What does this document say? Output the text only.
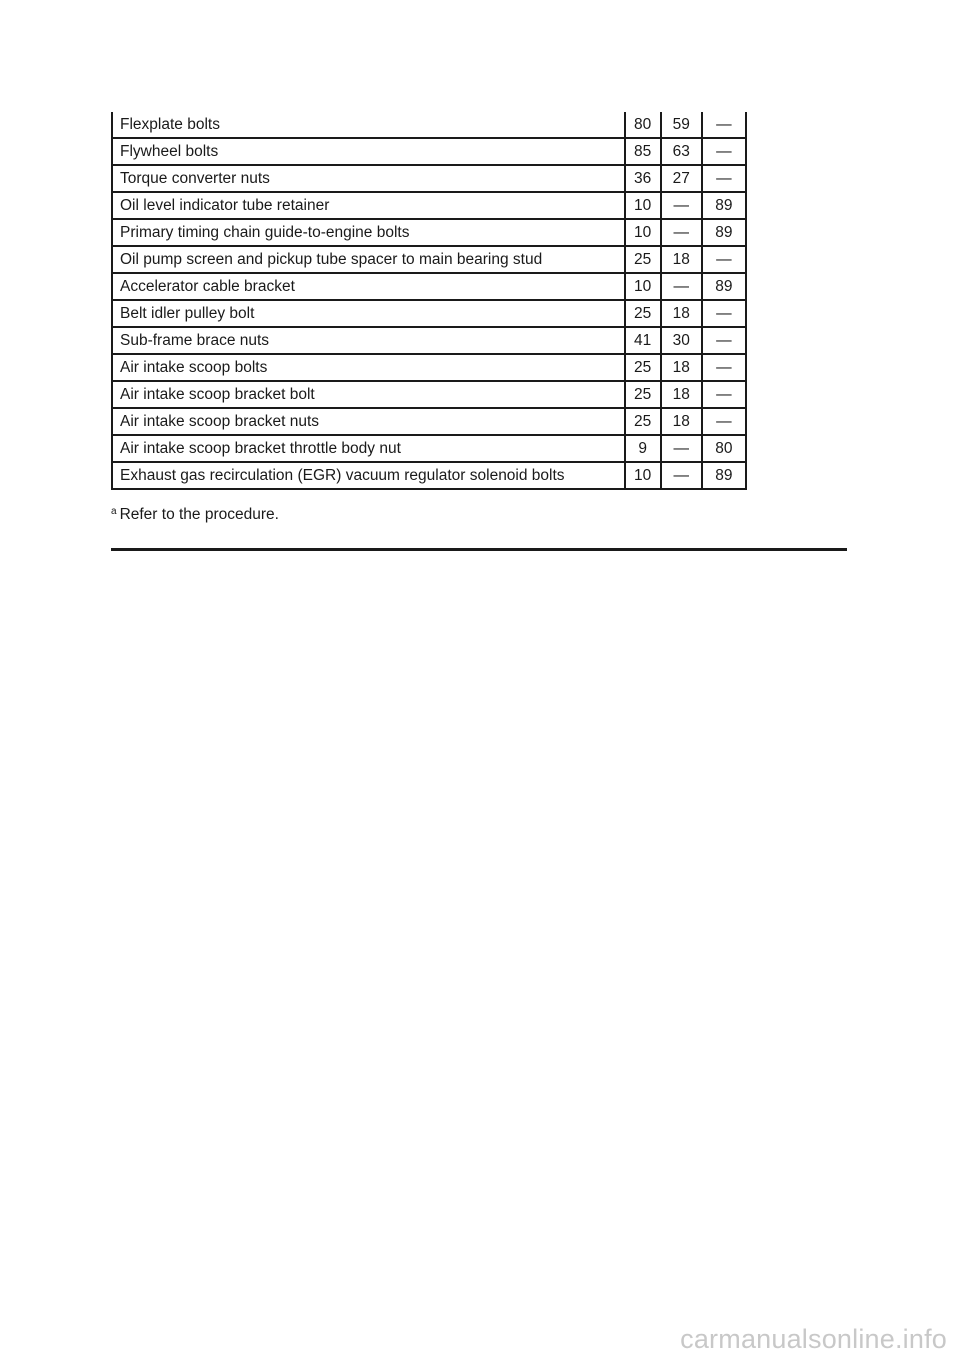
Flexplate bolts	80	59	—
Flywheel bolts	85	63	—
Torque converter nuts	36	27	—
Oil level indicator tube retainer	10	—	89
Primary timing chain guide-to-engine bolts	10	—	89
Oil pump screen and pickup tube spacer to main bearing stud	25	18	—
Accelerator cable bracket	10	—	89
Belt idler pulley bolt	25	18	—
Sub-frame brace nuts	41	30	—
Air intake scoop bolts	25	18	—
Air intake scoop bracket bolt	25	18	—
Air intake scoop bracket nuts	25	18	—
Air intake scoop bracket throttle body nut	9	—	80
Exhaust gas recirculation (EGR) vacuum regulator solenoid bolts	10	—	89
$^a$ Refer to the procedure.
carmanualsonline.info
